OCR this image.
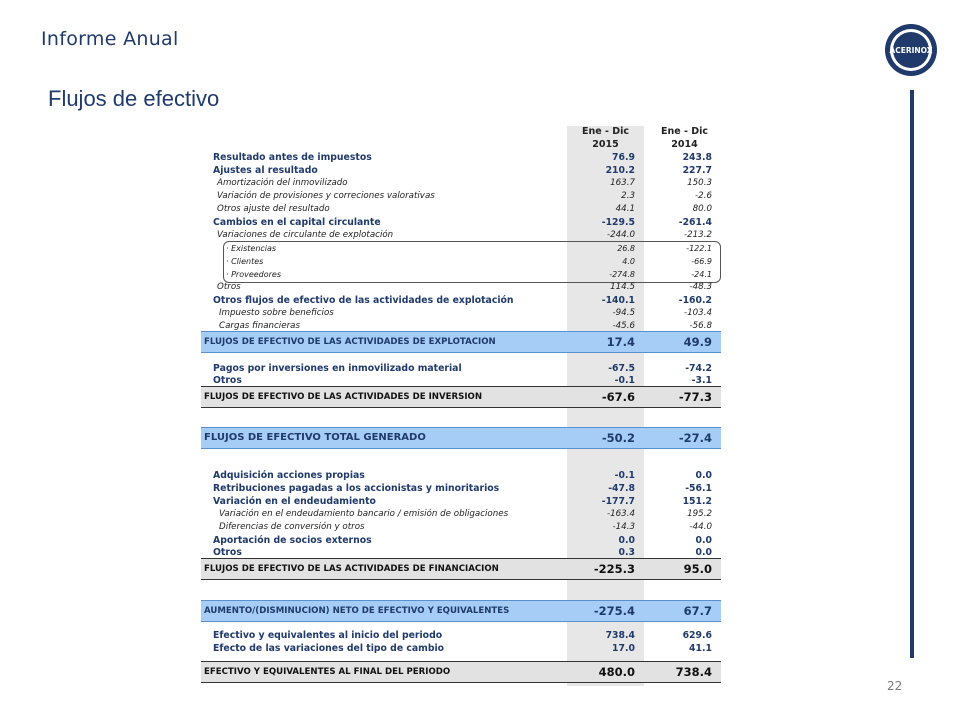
Informe Anual
Flujos de efectivo
ACERINOX
Ene - Dic
2015
Ene - Dic
2014
Resultado antes de impuestos	76.9	243.8
Ajustes al resultado	210.2	227.7
Amortización del inmovilizado	163.7	150.3
Variación de provisiones y correciones valorativas	2.3	-2.6
Otros ajuste del resultado	44.1	80.0
Cambios en el capital circulante	-129.5	-261.4
Variaciones de circulante de explotación	-244.0	-213.2
· Existencias	26.8	-122.1
· Clientes	4.0	-66.9
· Proveedores	-274.8	-24.1
Otros	114.5	-48.3
Otros flujos de efectivo de las actividades de explotación	-140.1	-160.2
Impuesto sobre beneficios	-94.5	-103.4
Cargas financieras	-45.6	-56.8
FLUJOS DE EFECTIVO DE LAS ACTIVIDADES DE EXPLOTACION	17.4	49.9
Pagos por inversiones en inmovilizado material	-67.5	-74.2
Otros	-0.1	-3.1
FLUJOS DE EFECTIVO DE LAS ACTIVIDADES DE INVERSION	-67.6	-77.3
FLUJOS DE EFECTIVO TOTAL GENERADO	-50.2	-27.4
Adquisición acciones propias	-0.1	0.0
Retribuciones pagadas a los accionistas y minoritarios	-47.8	-56.1
Variación en el endeudamiento	-177.7	151.2
Variación en el endeudamiento bancario / emisión de obligaciones	-163.4	195.2
Diferencias de conversión y otros	-14.3	-44.0
Aportación de socios externos	0.0	0.0
Otros	0.3	0.0
FLUJOS DE EFECTIVO DE LAS ACTIVIDADES DE FINANCIACION	-225.3	95.0
AUMENTO/(DISMINUCION) NETO DE EFECTIVO Y EQUIVALENTES	-275.4	67.7
Efectivo y equivalentes al inicio del periodo	738.4	629.6
Efecto de las variaciones del tipo de cambio	17.0	41.1
EFECTIVO Y EQUIVALENTES AL FINAL DEL PERIODO	480.0	738.4
22
